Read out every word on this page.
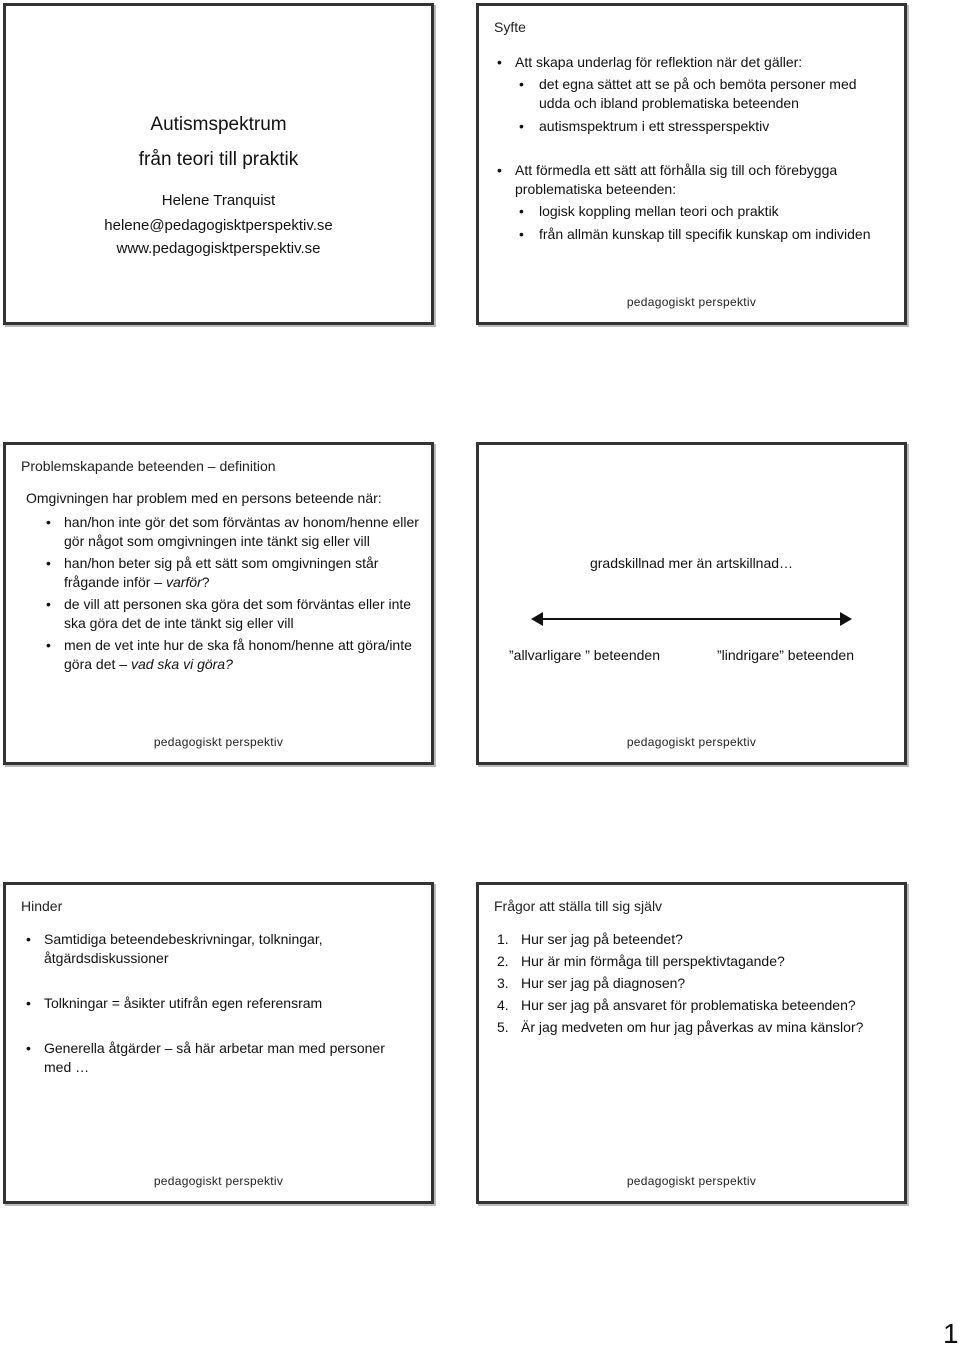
Autismspektrum
från teori till praktik
Helene Tranquist
helene@pedagogisktperspektiv.se
www.pedagogisktperspektiv.se
Syfte
• Att skapa underlag för reflektion när det gäller:
• det egna sättet att se på och bemöta personer med udda och ibland problematiska beteenden
• autismspektrum i ett stressperspektiv
• Att förmedla ett sätt att förhålla sig till och förebygga problematiska beteenden:
• logisk koppling mellan teori och praktik
• från allmän kunskap till specifik kunskap om individen
pedagogiskt perspektiv
Problemskapande beteenden – definition
Omgivningen har problem med en persons beteende när:
• han/hon inte gör det som förväntas av honom/henne eller gör något som omgivningen inte tänkt sig eller vill
• han/hon beter sig på ett sätt som omgivningen står frågande inför – varför?
• de vill att personen ska göra det som förväntas eller inte ska göra det de inte tänkt sig eller vill
• men de vet inte hur de ska få honom/henne att göra/inte göra det – vad ska vi göra?
pedagogiskt perspektiv
gradskillnad mer än artskillnad…
”allvarligare ” beteenden	”lindrigare” beteenden
pedagogiskt perspektiv
Hinder
• Samtidiga beteendebeskrivningar, tolkningar, åtgärdsdiskussioner
• Tolkningar = åsikter utifrån egen referensram
• Generella åtgärder – så här arbetar man med personer med …
pedagogiskt perspektiv
Frågor att ställa till sig själv
1. Hur ser jag på beteendet?
2. Hur är min förmåga till perspektivtagande?
3. Hur ser jag på diagnosen?
4. Hur ser jag på ansvaret för problematiska beteenden?
5. Är jag medveten om hur jag påverkas av mina känslor?
pedagogiskt perspektiv
1
